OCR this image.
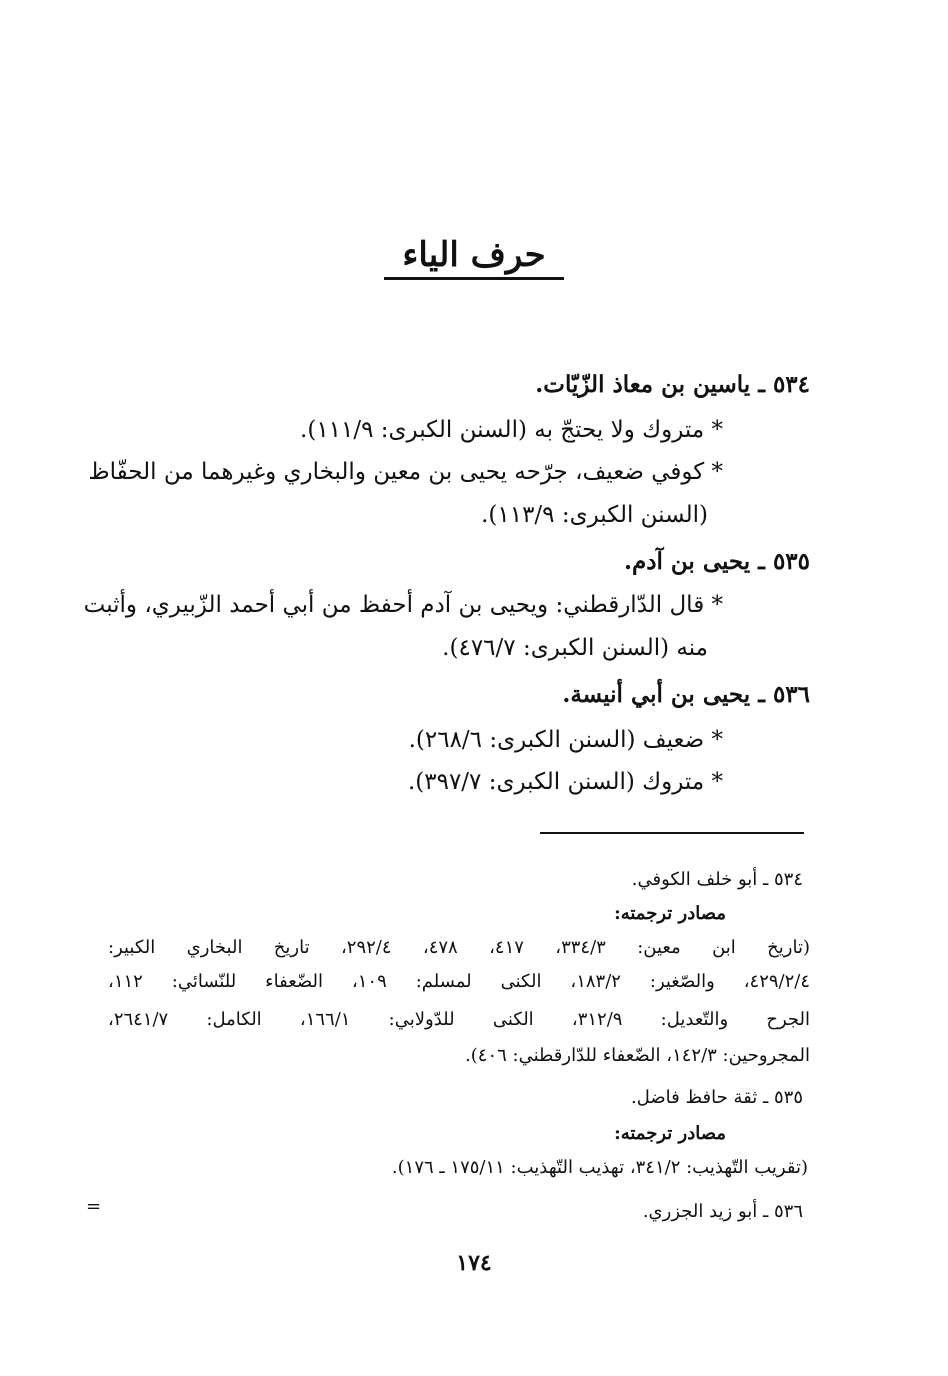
حرف الياء
٥٣٤ ـ ياسين بن معاذ الزّيّات.
* متروك ولا يحتجّ به (السنن الكبرى: ١١١/٩).
* كوفي ضعيف، جرّحه يحيى بن معين والبخاري وغيرهما من الحفّاظ
(السنن الكبرى: ١١٣/٩).
٥٣٥ ـ يحيى بن آدم.
* قال الدّارقطني: ويحيى بن آدم أحفظ من أبي أحمد الزّبيري، وأثبت
منه (السنن الكبرى: ٤٧٦/٧).
٥٣٦ ـ يحيى بن أبي أنيسة.
* ضعيف (السنن الكبرى: ٢٦٨/٦).
* متروك (السنن الكبرى: ٣٩٧/٧).
٥٣٤ ـ أبو خلف الكوفي.
مصادر ترجمته:
(تاريخ ابن معين: ٣٣٤/٣، ٤١٧، ٤٧٨، ٢٩٢/٤، تاريخ البخاري الكبير:
٤٢٩/٢/٤، والصّغير: ١٨٣/٢، الكنى لمسلم: ١٠٩، الضّعفاء للنّسائي: ١١٢،
الجرح والتّعديل: ٣١٢/٩، الكنى للدّولابي: ١٦٦/١، الكامل: ٢٦٤١/٧،
المجروحين: ١٤٢/٣، الضّعفاء للدّارقطني: ٤٠٦).
٥٣٥ ـ ثقة حافظ فاضل.
مصادر ترجمته:
(تقريب التّهذيب: ٣٤١/٢، تهذيب التّهذيب: ١٧٥/١١ ـ ١٧٦).
٥٣٦ ـ أبو زيد الجزري.
=
١٧٤
